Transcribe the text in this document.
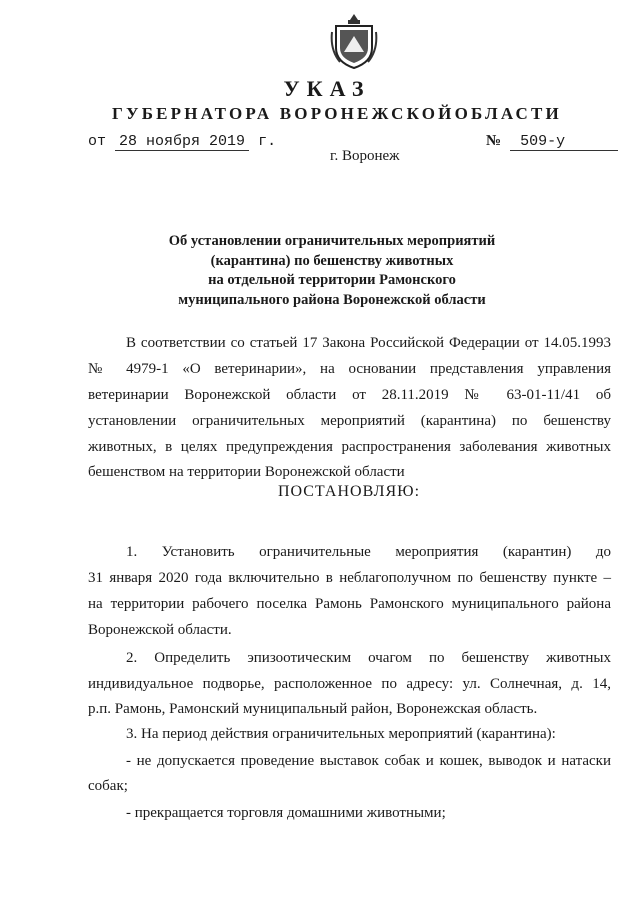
УКАЗ
ГУБЕРНАТОРА ВОРОНЕЖСКОЙОБЛАСТИ
от 28 ноября 2019 г.	№ 509-у
г. Воронеж
Об установлении ограничительных мероприятий
(карантина) по бешенству животных
на отдельной территории Рамонского
муниципального района Воронежской области
В соответствии со статьей 17 Закона Российской Федерации от 14.05.1993
№ 4979-1 «О ветеринарии», на основании представления управления
ветеринарии Воронежской области от 28.11.2019 № 63-01-11/41 об
установлении ограничительных мероприятий (карантина) по бешенству
животных, в целях предупреждения распространения заболевания животных
бешенством на территории Воронежской области
ПОСТАНОВЛЯЮ:
1. Установить ограничительные мероприятия (карантин) до
31 января 2020 года включительно в неблагополучном по бешенству пункте –
на территории рабочего поселка Рамонь Рамонского муниципального района
Воронежской области.
2. Определить эпизоотическим очагом по бешенству животных
индивидуальное подворье, расположенное по адресу: ул. Солнечная, д. 14,
р.п. Рамонь, Рамонский муниципальный район, Воронежская область.
3. На период действия ограничительных мероприятий (карантина):
- не допускается проведение выставок собак и кошек, выводок и натаски
собак;
- прекращается торговля домашними животными;
